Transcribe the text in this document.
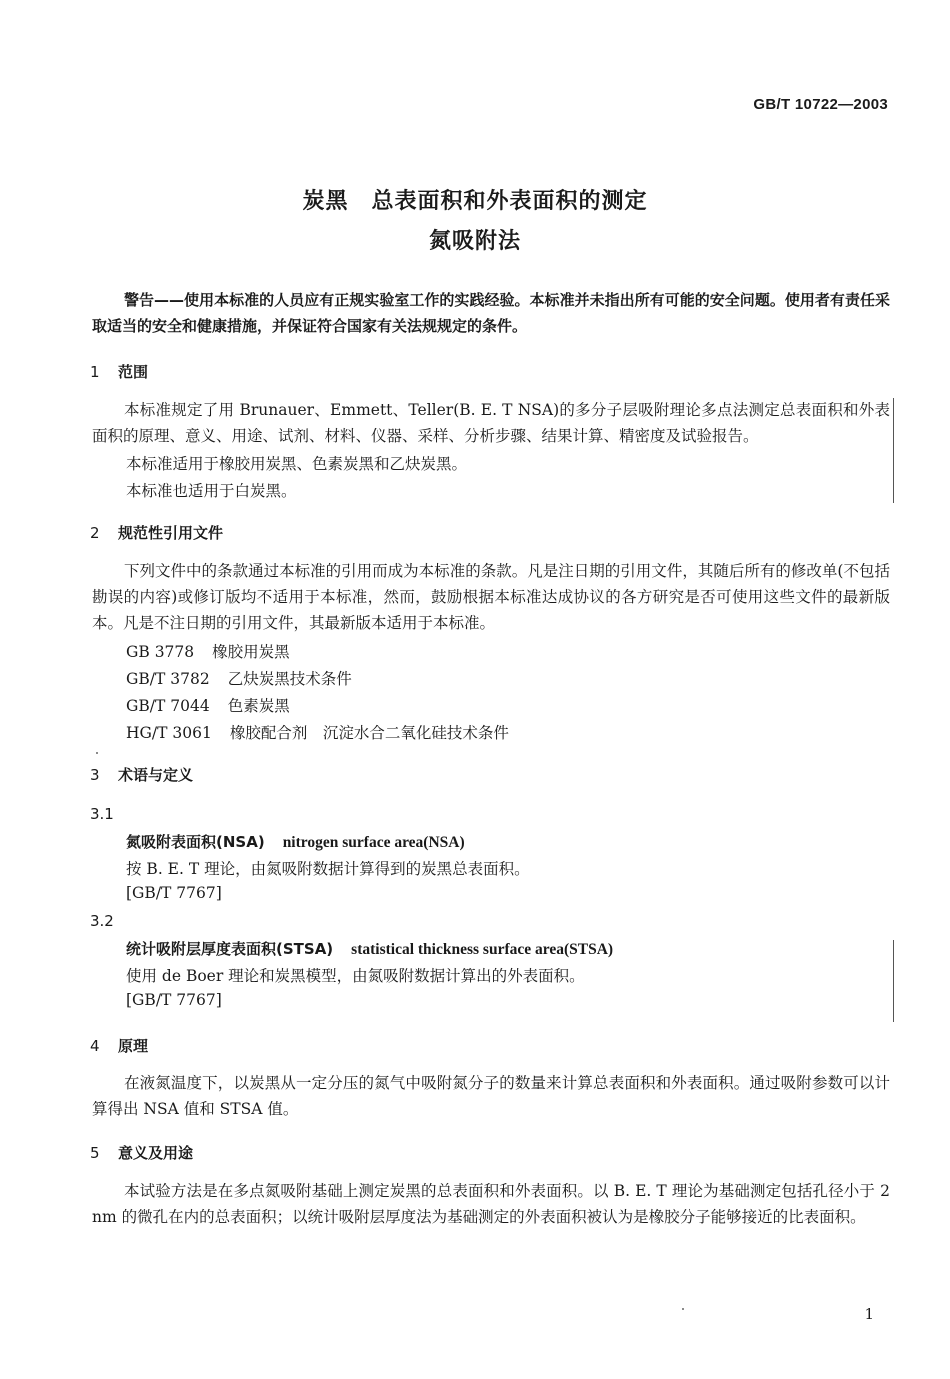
GB/T 10722—2003
炭黑　总表面积和外表面积的测定
氮吸附法
警告——使用本标准的人员应有正规实验室工作的实践经验。本标准并未指出所有可能的安全问题。使用者有责任采取适当的安全和健康措施，并保证符合国家有关法规规定的条件。
1 范围
本标准规定了用 Brunauer、Emmett、Teller(B. E. T NSA)的多分子层吸附理论多点法测定总表面积和外表面积的原理、意义、用途、试剂、材料、仪器、采样、分析步骤、结果计算、精密度及试验报告。
本标准适用于橡胶用炭黑、色素炭黑和乙炔炭黑。
本标准也适用于白炭黑。
2 规范性引用文件
下列文件中的条款通过本标准的引用而成为本标准的条款。凡是注日期的引用文件，其随后所有的修改单(不包括勘误的内容)或修订版均不适用于本标准，然而，鼓励根据本标准达成协议的各方研究是否可使用这些文件的最新版本。凡是不注日期的引用文件，其最新版本适用于本标准。
GB 3778 橡胶用炭黑
GB/T 3782 乙炔炭黑技术条件
GB/T 7044 色素炭黑
HG/T 3061 橡胶配合剂　沉淀水合二氧化硅技术条件
3 术语与定义
3.1
氮吸附表面积(NSA) nitrogen surface area(NSA)
按 B. E. T 理论，由氮吸附数据计算得到的炭黑总表面积。
[GB/T 7767]
3.2
统计吸附层厚度表面积(STSA) statistical thickness surface area(STSA)
使用 de Boer 理论和炭黑模型，由氮吸附数据计算出的外表面积。
[GB/T 7767]
4 原理
在液氮温度下，以炭黑从一定分压的氮气中吸附氮分子的数量来计算总表面积和外表面积。通过吸附参数可以计算得出 NSA 值和 STSA 值。
5 意义及用途
本试验方法是在多点氮吸附基础上测定炭黑的总表面积和外表面积。以 B. E. T 理论为基础测定包括孔径小于 2 nm 的微孔在内的总表面积；以统计吸附层厚度法为基础测定的外表面积被认为是橡胶分子能够接近的比表面积。
1
